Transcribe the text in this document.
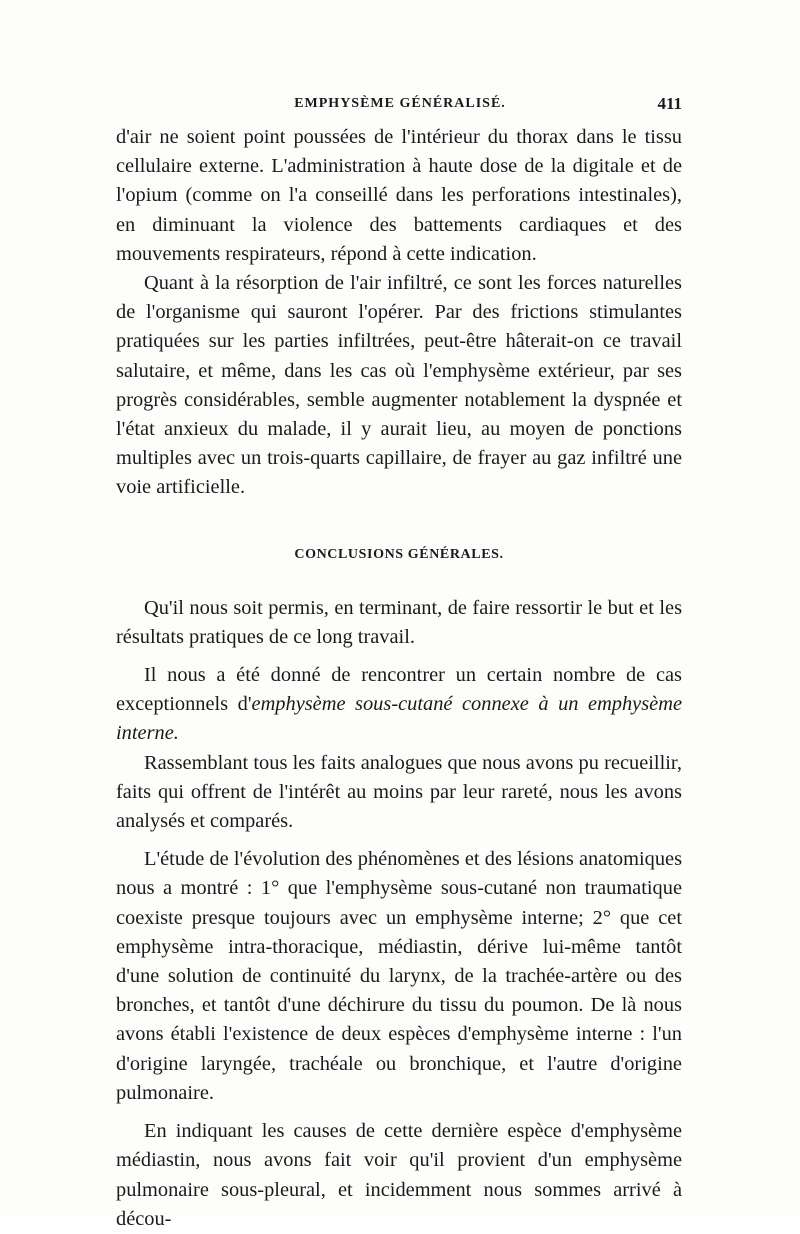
EMPHYSÈME GÉNÉRALISÉ.	411

d'air ne soient point poussées de l'intérieur du thorax dans le tissu cellulaire externe. L'administration à haute dose de la digitale et de l'opium (comme on l'a conseillé dans les perforations intestinales), en diminuant la violence des battements cardiaques et des mouvements respirateurs, répond à cette indication.

Quant à la résorption de l'air infiltré, ce sont les forces naturelles de l'organisme qui sauront l'opérer. Par des frictions stimulantes pratiquées sur les parties infiltrées, peut-être hâterait-on ce travail salutaire, et même, dans les cas où l'emphysème extérieur, par ses progrès considérables, semble augmenter notablement la dyspnée et l'état anxieux du malade, il y aurait lieu, au moyen de ponctions multiples avec un trois-quarts capillaire, de frayer au gaz infiltré une voie artificielle.

CONCLUSIONS GÉNÉRALES.

Qu'il nous soit permis, en terminant, de faire ressortir le but et les résultats pratiques de ce long travail.

Il nous a été donné de rencontrer un certain nombre de cas exceptionnels d'emphysème sous-cutané connexe à un emphysème interne.

Rassemblant tous les faits analogues que nous avons pu recueillir, faits qui offrent de l'intérêt au moins par leur rareté, nous les avons analysés et comparés.

L'étude de l'évolution des phénomènes et des lésions anatomiques nous a montré : 1° que l'emphysème sous-cutané non traumatique coexiste presque toujours avec un emphysème interne; 2° que cet emphysème intra-thoracique, médiastin, dérive lui-même tantôt d'une solution de continuité du larynx, de la trachée-artère ou des bronches, et tantôt d'une déchirure du tissu du poumon. De là nous avons établi l'existence de deux espèces d'emphysème interne : l'un d'origine laryngée, trachéale ou bronchique, et l'autre d'origine pulmonaire.

En indiquant les causes de cette dernière espèce d'emphysème médiastin, nous avons fait voir qu'il provient d'un emphysème pulmonaire sous-pleural, et incidemment nous sommes arrivé à décou-
